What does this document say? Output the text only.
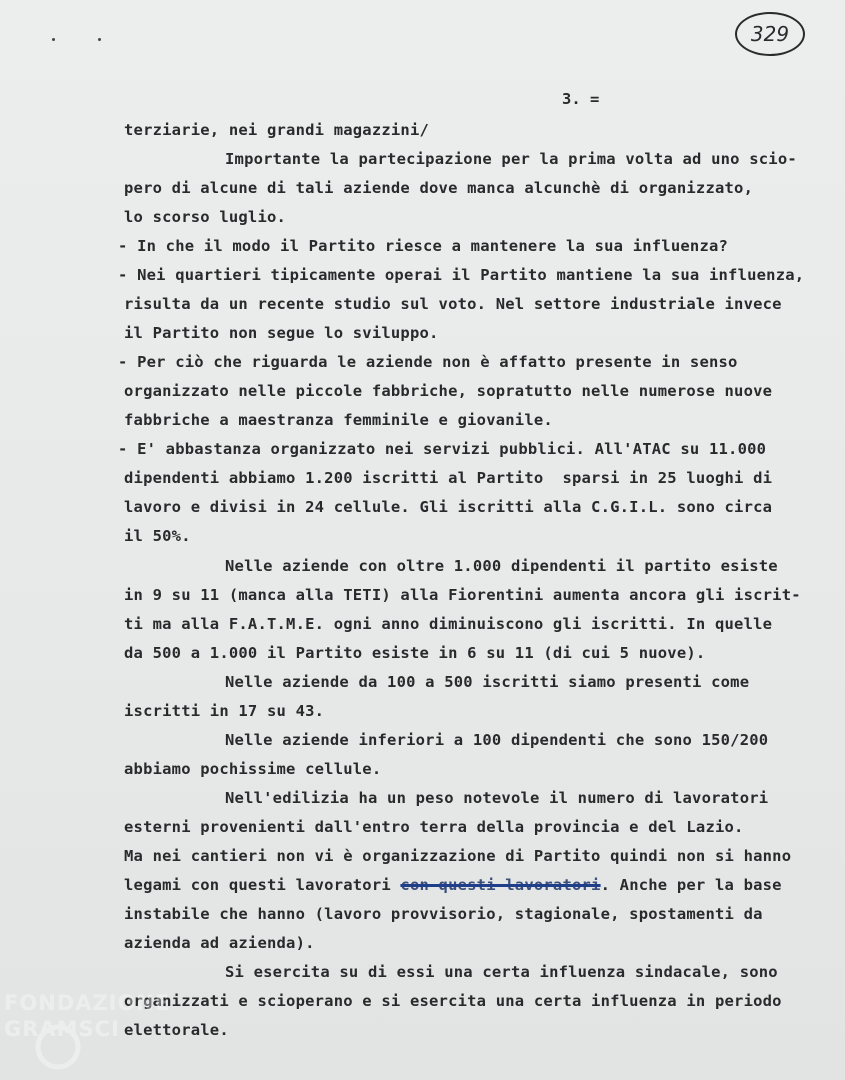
329
3. =
terziarie, nei grandi magazzini/
Importante la partecipazione per la prima volta ad uno scio-
pero di alcune di tali aziende dove manca alcunchè di organizzato,
lo scorso luglio.
- In che il modo il Partito riesce a mantenere la sua influenza?
- Nei quartieri tipicamente operai il Partito mantiene la sua influenza,
risulta da un recente studio sul voto. Nel settore industriale invece
il Partito non segue lo sviluppo.
- Per ciò che riguarda le aziende non è affatto presente in senso
organizzato nelle piccole fabbriche, sopratutto nelle numerose nuove
fabbriche a maestranza femminile e giovanile.
- E' abbastanza organizzato nei servizi pubblici. All'ATAC su 11.000
dipendenti abbiamo 1.200 iscritti al Partito  sparsi in 25 luoghi di
lavoro e divisi in 24 cellule. Gli iscritti alla C.G.I.L. sono circa
il 50%.
Nelle aziende con oltre 1.000 dipendenti il partito esiste
in 9 su 11 (manca alla TETI) alla Fiorentini aumenta ancora gli iscrit-
ti ma alla F.A.T.M.E. ogni anno diminuiscono gli iscritti. In quelle
da 500 a 1.000 il Partito esiste in 6 su 11 (di cui 5 nuove).
Nelle aziende da 100 a 500 iscritti siamo presenti come
iscritti in 17 su 43.
Nelle aziende inferiori a 100 dipendenti che sono 150/200
abbiamo pochissime cellule.
Nell'edilizia ha un peso notevole il numero di lavoratori
esterni provenienti dall'entro terra della provincia e del Lazio.
Ma nei cantieri non vi è organizzazione di Partito quindi non si hanno
legami con questi lavoratori con questi lavoratori. Anche per la base
instabile che hanno (lavoro provvisorio, stagionale, spostamenti da
azienda ad azienda).
Si esercita su di essi una certa influenza sindacale, sono
organizzati e scioperano e si esercita una certa influenza in periodo
elettorale.
FONDAZIONE GRAMSCI
